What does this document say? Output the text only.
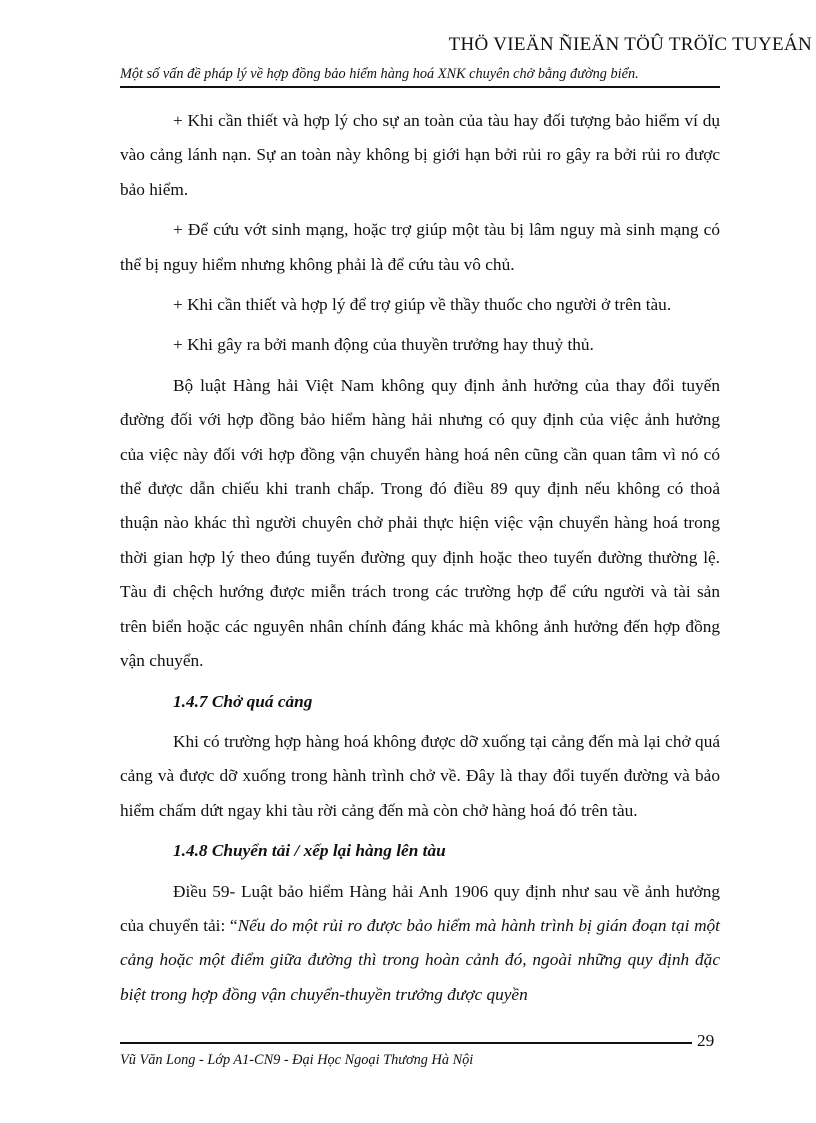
THÖ VIEÄN ÑIEÄN TÖÛ TRÖÏC TUYEÁN
Một số vấn đề pháp lý về hợp đồng bảo hiểm hàng hoá XNK chuyên chở bằng đường biển.

+ Khi cần thiết và hợp lý cho sự an toàn của tàu hay đối tượng bảo hiểm ví dụ vào cảng lánh nạn. Sự an toàn này không bị giới hạn bởi rủi ro gây ra bởi rủi ro được bảo hiểm.

+ Để cứu vớt sinh mạng, hoặc trợ giúp một tàu bị lâm nguy mà sinh mạng có thể bị nguy hiểm nhưng không phải là để cứu tàu vô chủ.

+ Khi cần thiết và hợp lý để trợ giúp về thầy thuốc cho người ở trên tàu.

+ Khi gây ra bởi manh động của thuyền trưởng hay thuỷ thủ.

Bộ luật Hàng hải Việt Nam không quy định ảnh hưởng của thay đổi tuyến đường đối với hợp đồng bảo hiểm hàng hải nhưng có quy định của việc ảnh hưởng của việc này đối với hợp đồng vận chuyển hàng hoá nên cũng cần quan tâm vì nó có thể được dẫn chiếu khi tranh chấp. Trong đó điều 89 quy định nếu không có thoả thuận nào khác thì người chuyên chở phải thực hiện việc vận chuyển hàng hoá trong thời gian hợp lý theo đúng tuyến đường quy định hoặc theo tuyến đường thường lệ. Tàu đi chệch hướng được miễn trách trong các trường hợp để cứu người và tài sản trên biển hoặc các nguyên nhân chính đáng khác mà không ảnh hưởng đến hợp đồng vận chuyển.

1.4.7 Chở quá cảng

Khi có trường hợp hàng hoá không được dỡ xuống tại cảng đến mà lại chở quá cảng và được dỡ xuống trong hành trình chở về. Đây là thay đổi tuyến đường và bảo hiểm chấm dứt ngay khi tàu rời cảng đến mà còn chở hàng hoá đó trên tàu.

1.4.8 Chuyển tải / xếp lại hàng lên tàu

Điều 59- Luật bảo hiểm Hàng hải Anh 1906 quy định như sau về ảnh hưởng của chuyển tải: “Nếu do một rủi ro được bảo hiểm mà hành trình bị gián đoạn tại một cảng hoặc một điểm giữa đường thì trong hoàn cảnh đó, ngoài những quy định đặc biệt trong hợp đồng vận chuyển-thuyền trưởng được quyền

29
Vũ Văn Long - Lớp A1-CN9 - Đại Học Ngoại Thương Hà Nội
